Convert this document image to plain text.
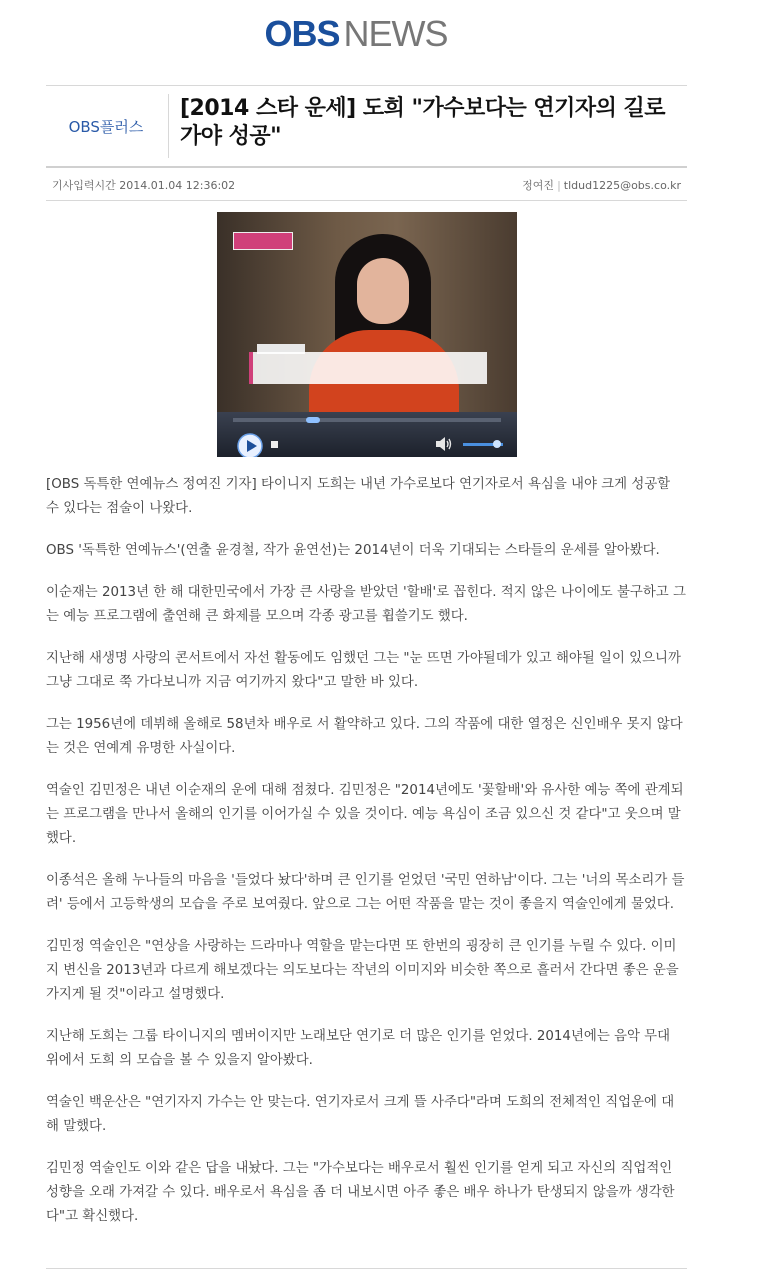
OBS NEWS
OBS플러스
[2014 스타 운세] 도희 "가수보다는 연기자의 길로 가야 성공"
기사입력시간 2014.01.04 12:36:02	정여진 | tldud1225@obs.co.kr

[OBS 독특한 연예뉴스 정여진 기자] 타이니지 도희는 내년 가수로보다 연기자로서 욕심을 내야 크게 성공할 수 있다는 점술이 나왔다.

OBS '독특한 연예뉴스'(연출 윤경철, 작가 윤연선)는 2014년이 더욱 기대되는 스타들의 운세를 알아봤다.

이순재는 2013년 한 해 대한민국에서 가장 큰 사랑을 받았던 '할배'로 꼽힌다. 적지 않은 나이에도 불구하고 그는 예능 프로그램에 출연해 큰 화제를 모으며 각종 광고를 휩쓸기도 했다.

지난해 새생명 사랑의 콘서트에서 자선 활동에도 임했던 그는 "눈 뜨면 가야될데가 있고 해야될 일이 있으니까 그냥 그대로 쭉 가다보니까 지금 여기까지 왔다"고 말한 바 있다.

그는 1956년에 데뷔해 올해로 58년차 배우로 서 활약하고 있다. 그의 작품에 대한 열정은 신인배우 못지 않다는 것은 연예계 유명한 사실이다.

역술인 김민정은 내년 이순재의 운에 대해 점쳤다. 김민정은 "2014년에도 '꽃할배'와 유사한 예능 쪽에 관계되는 프로그램을 만나서 올해의 인기를 이어가실 수 있을 것이다. 예능 욕심이 조금 있으신 것 같다"고 웃으며 말했다.

이종석은 올해 누나들의 마음을 '들었다 놨다'하며 큰 인기를 얻었던 '국민 연하남'이다. 그는 '너의 목소리가 들려' 등에서 고등학생의 모습을 주로 보여줬다. 앞으로 그는 어떤 작품을 맡는 것이 좋을지 역술인에게 물었다.

김민정 역술인은 "연상을 사랑하는 드라마나 역할을 맡는다면 또 한번의 굉장히 큰 인기를 누릴 수 있다. 이미지 변신을 2013년과 다르게 해보겠다는 의도보다는 작년의 이미지와 비슷한 쪽으로 흘러서 간다면 좋은 운을 가지게 될 것"이라고 설명했다.

지난해 도희는 그룹 타이니지의 멤버이지만 노래보단 연기로 더 많은 인기를 얻었다. 2014년에는 음악 무대 위에서 도희 의 모습을 볼 수 있을지 알아봤다.

역술인 백운산은 "연기자지 가수는 안 맞는다. 연기자로서 크게 뜰 사주다"라며 도희의 전체적인 직업운에 대해 말했다.

김민정 역술인도 이와 같은 답을 내놨다. 그는 "가수보다는 배우로서 훨씬 인기를 얻게 되고 자신의 직업적인 성향을 오래 가져갈 수 있다. 배우로서 욕심을 좀 더 내보시면 아주 좋은 배우 하나가 탄생되지 않을까 생각한다"고 확신했다.
